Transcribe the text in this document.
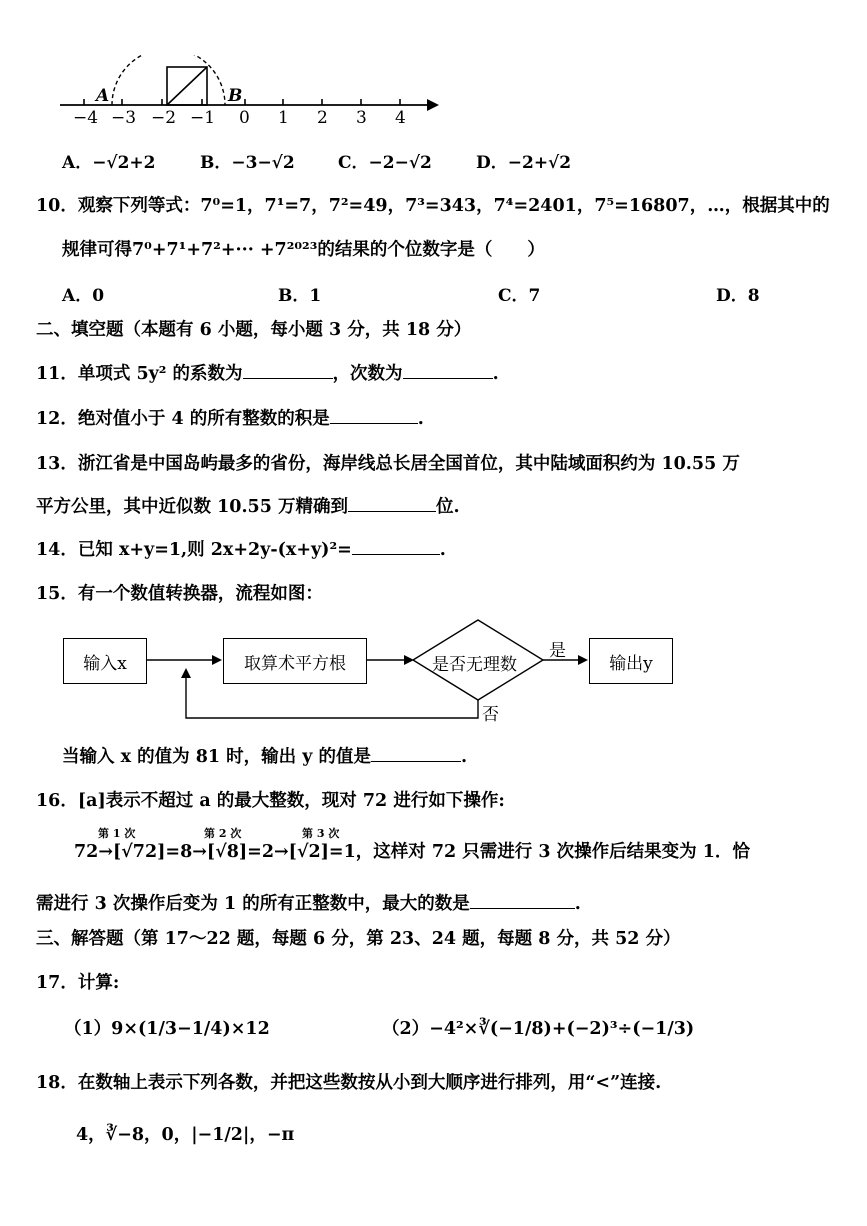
A	B
−4 −3 −2 −1 0 1 2 3 4
A．−√2+2	B．−3−√2	C．−2−√2	D．−2+√2
10．观察下列等式：7⁰=1，7¹=7，7²=49，7³=343，7⁴=2401，7⁵=16807，…，根据其中的
规律可得7⁰+7¹+7²+··· +7²⁰²³的结果的个位数字是（　　）
A．0	B．1	C．7	D．8
二、填空题（本题有 6 小题，每小题 3 分，共 18 分）
11．单项式 5y² 的系数为	，次数为	.
12．绝对值小于 4 的所有整数的积是	.
13．浙江省是中国岛屿最多的省份，海岸线总长居全国首位，其中陆域面积约为 10.55 万
平方公里，其中近似数 10.55 万精确到	位.
14．已知 x+y=1,则 2x+2y-(x+y)²=	.
15．有一个数值转换器，流程如图：
输入x	取算术平方根	是否无理数
是
否
输出y
当输入 x 的值为 81 时，输出 y 的值是	.
16．[a]表示不超过 a 的最大整数，现对 72 进行如下操作:
第 1 次	第 2 次	第 3 次
72→[√72]=8→[√8]=2→[√2]=1，这样对 72 只需进行 3 次操作后结果变为 1．恰
需进行 3 次操作后变为 1 的所有正整数中，最大的数是	.
三、解答题（第 17～22 题，每题 6 分，第 23、24 题，每题 8 分，共 52 分）
17．计算:
（1）9×(1/3−1/4)×12	（2）−4²×∛(−1/8)+(−2)³÷(−1/3)
18．在数轴上表示下列各数，并把这些数按从小到大顺序进行排列，用“<”连接.
4，∛−8，0，|−1/2|，−π
